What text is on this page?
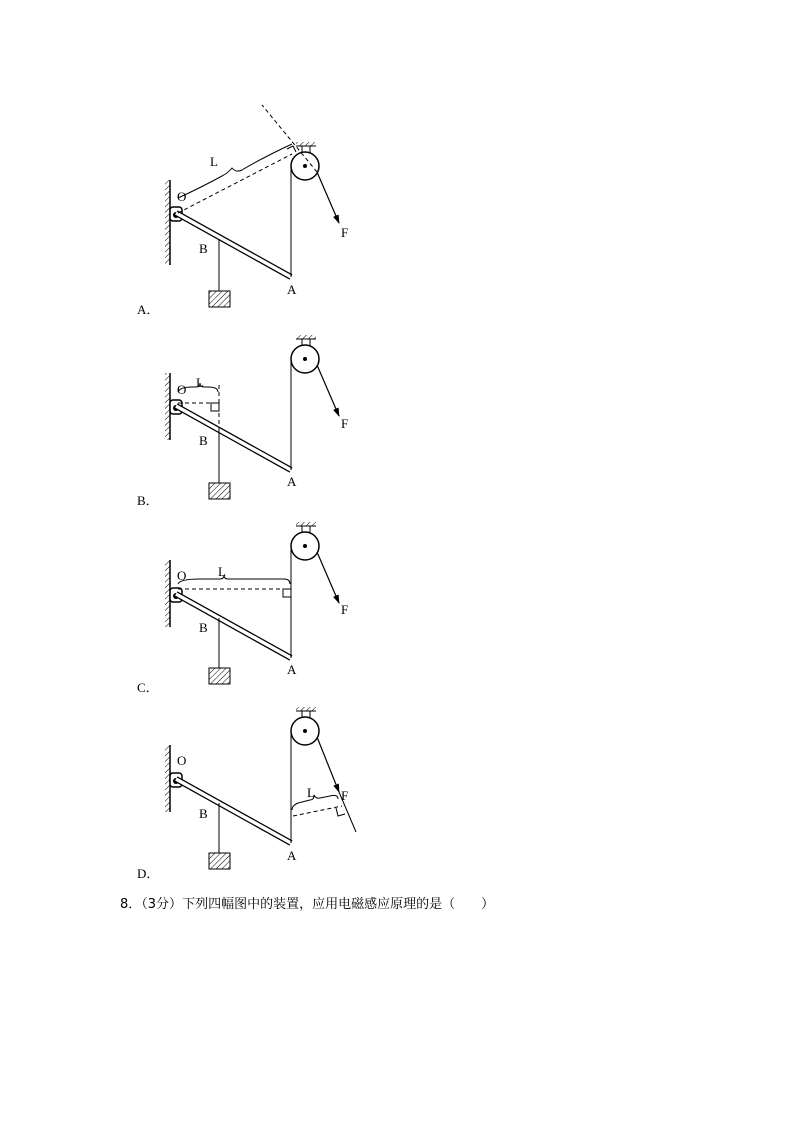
O
L
B
A
F
A．
O L
B
A
F
B．
O L
B
A
F
C．
O
L
B
A
F
D．
8．（3分）下列四幅图中的装置，应用电磁感应原理的是（　　）
